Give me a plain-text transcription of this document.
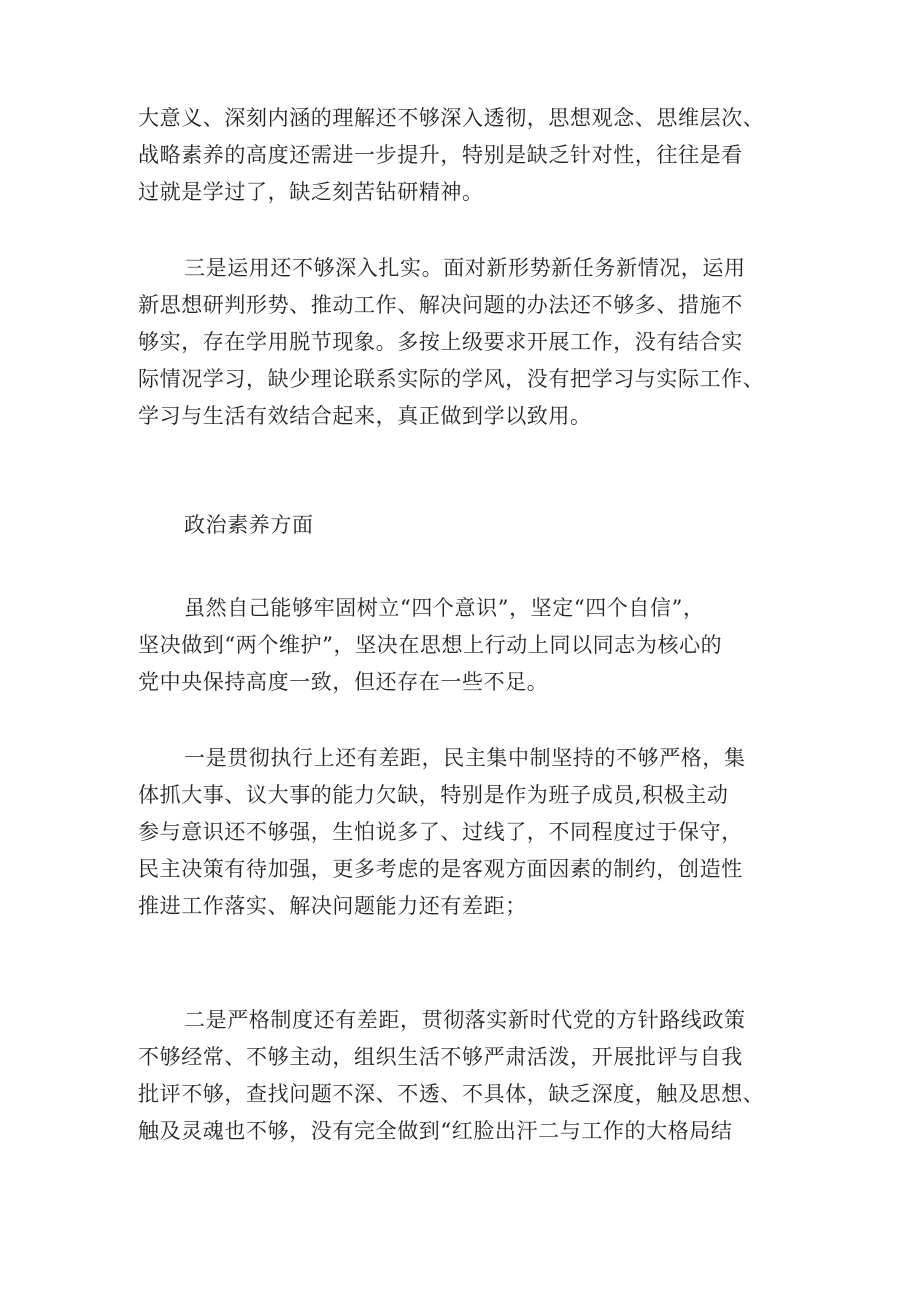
大意义、深刻内涵的理解还不够深入透彻，思想观念、思维层次、
战略素养的高度还需进一步提升，特别是缺乏针对性，往往是看
过就是学过了，缺乏刻苦钻研精神。
三是运用还不够深入扎实。面对新形势新任务新情况，运用
新思想研判形势、推动工作、解决问题的办法还不够多、措施不
够实，存在学用脱节现象。多按上级要求开展工作，没有结合实
际情况学习，缺少理论联系实际的学风，没有把学习与实际工作、
学习与生活有效结合起来，真正做到学以致用。
政治素养方面
虽然自己能够牢固树立“四个意识”，坚定“四个自信”，
坚决做到“两个维护”，坚决在思想上行动上同以同志为核心的
党中央保持高度一致，但还存在一些不足。
一是贯彻执行上还有差距，民主集中制坚持的不够严格，集
体抓大事、议大事的能力欠缺，特别是作为班子成员,积极主动
参与意识还不够强，生怕说多了、过线了，不同程度过于保守，
民主决策有待加强，更多考虑的是客观方面因素的制约，创造性
推进工作落实、解决问题能力还有差距；
二是严格制度还有差距，贯彻落实新时代党的方针路线政策
不够经常、不够主动，组织生活不够严肃活泼，开展批评与自我
批评不够，查找问题不深、不透、不具体，缺乏深度，触及思想、
触及灵魂也不够，没有完全做到“红脸出汗二与工作的大格局结
